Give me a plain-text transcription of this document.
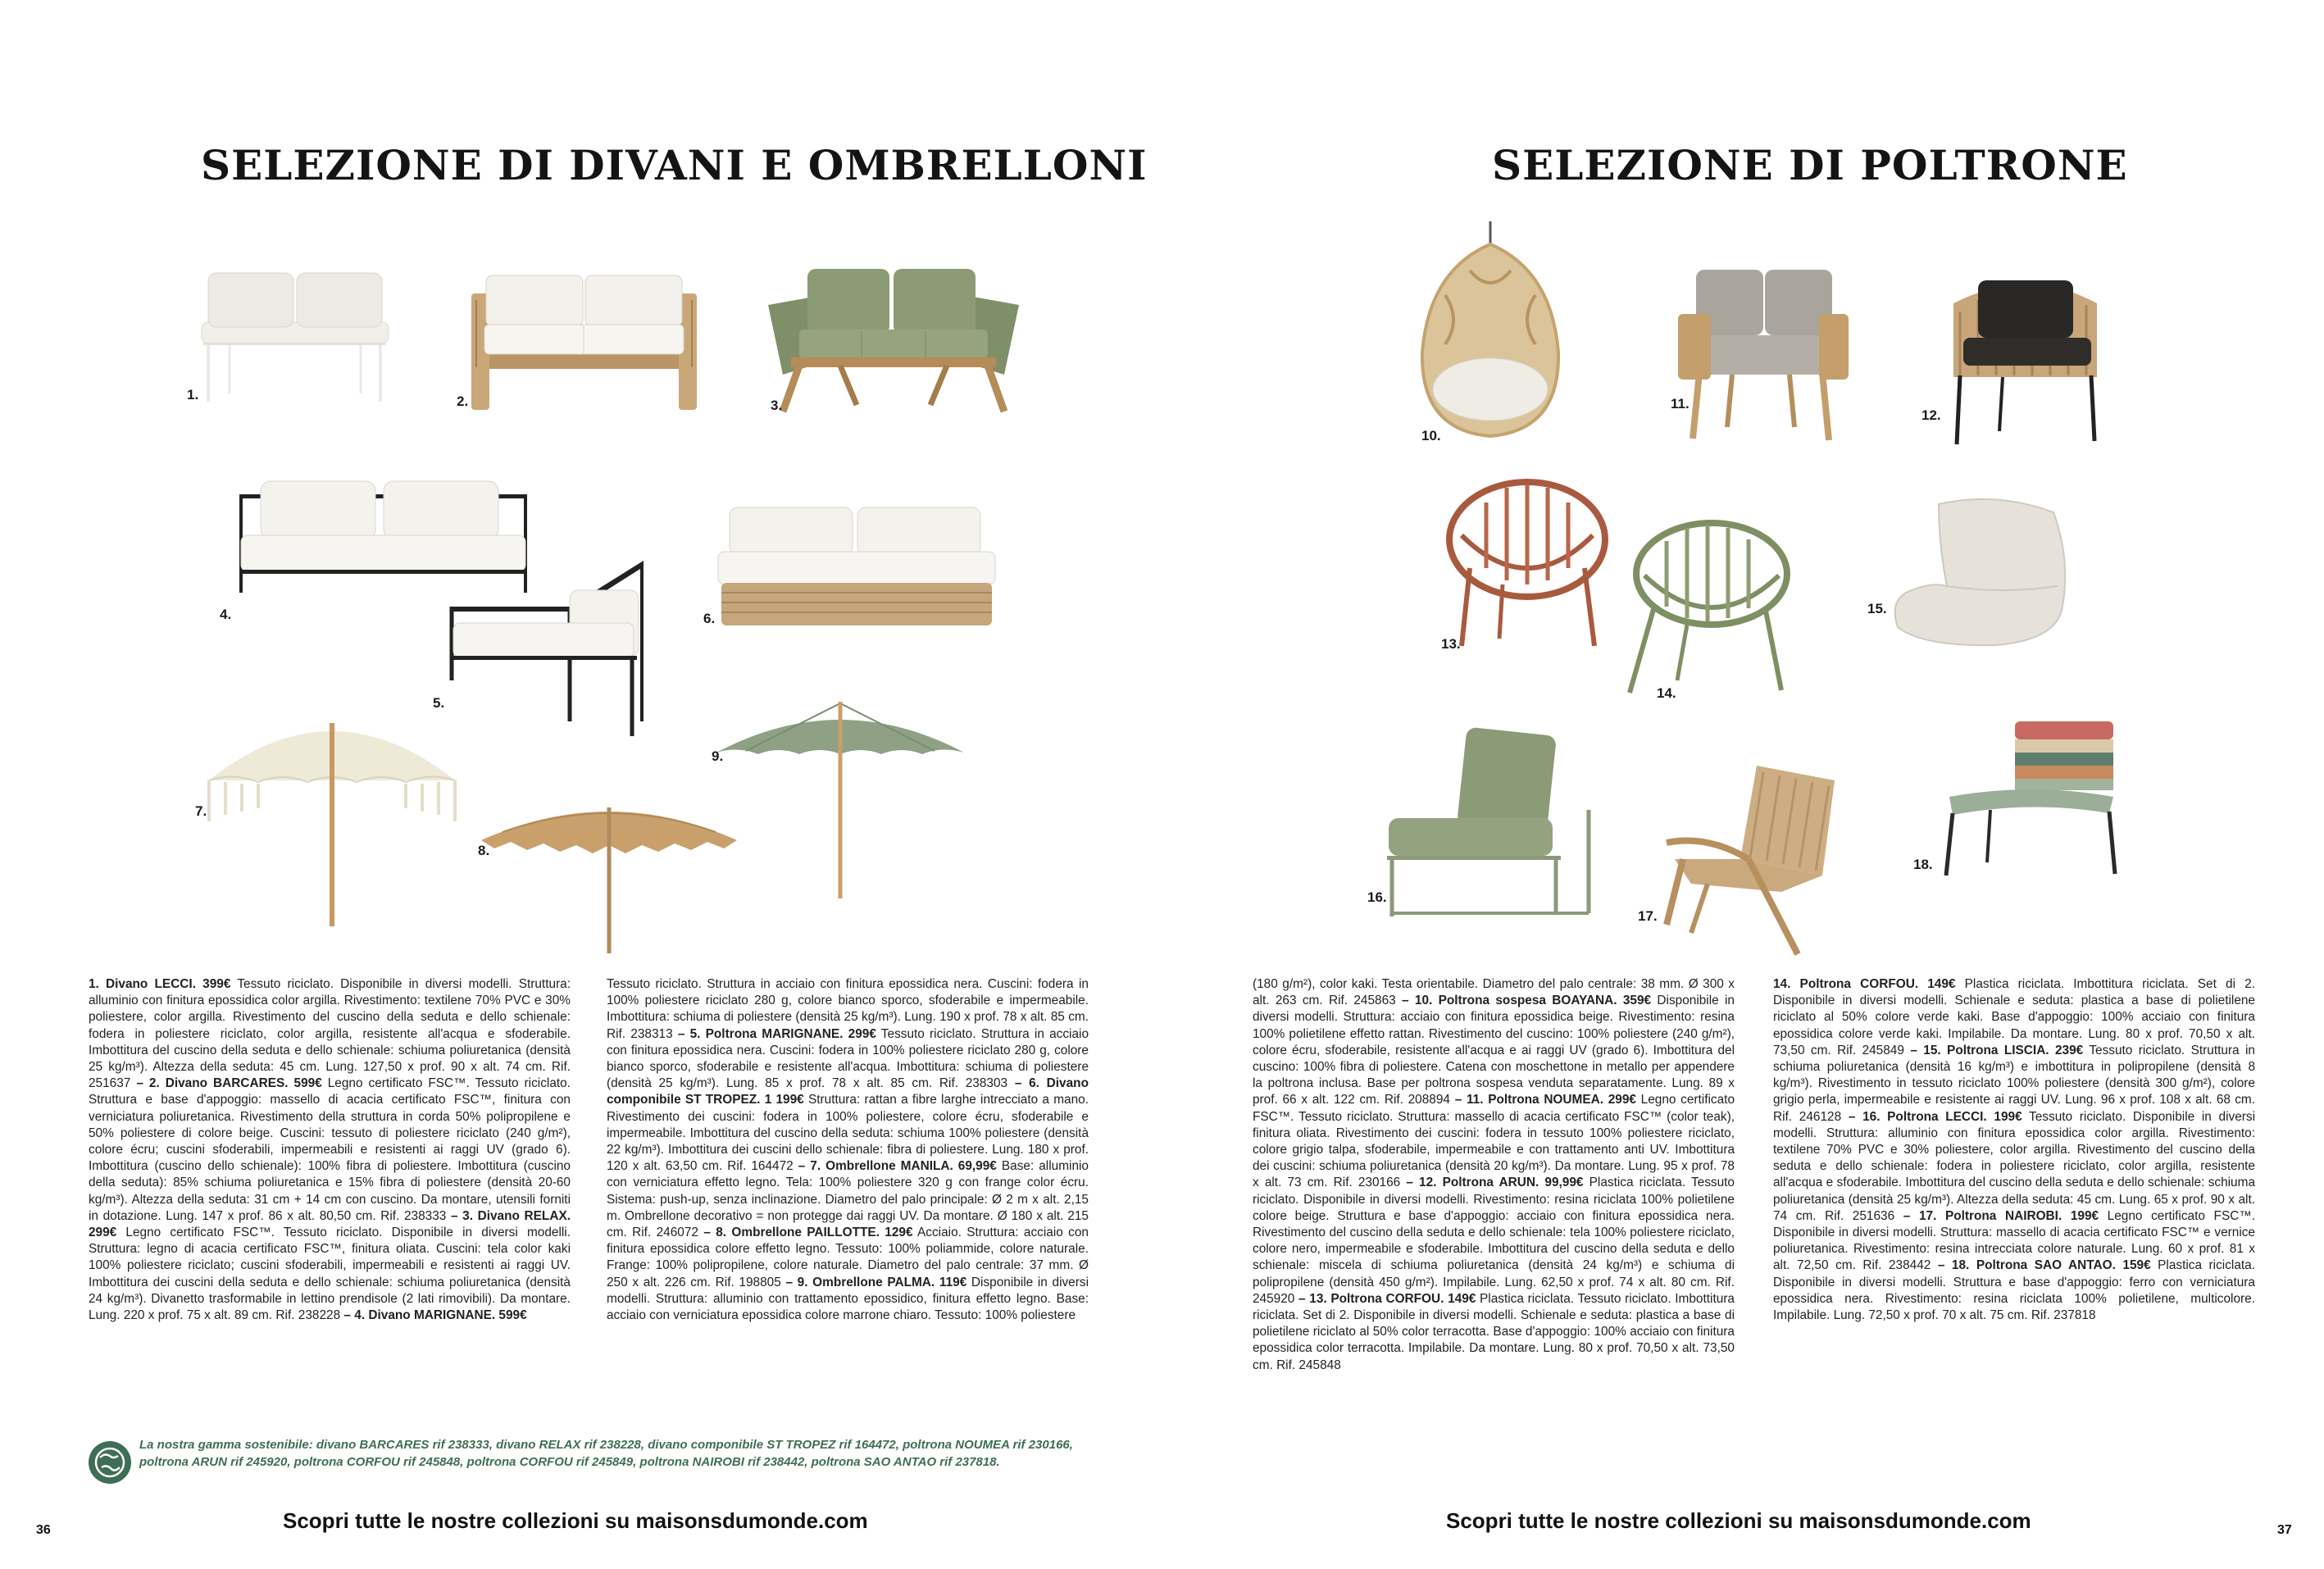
SELEZIONE DI DIVANI E OMBRELLONI
1.	2.	3.
4.
5.
6.
7.
8.
9.
1. Divano LECCI. 399€ Tessuto riciclato. Disponibile in diversi modelli. Struttura: alluminio con finitura epossidica color argilla. Rivestimento: textilene 70% PVC e 30% poliestere, color argilla. Rivestimento del cuscino della seduta e dello schienale: fodera in poliestere riciclato, color argilla, resistente all'acqua e sfoderabile. Imbottitura del cuscino della seduta e dello schienale: schiuma poliuretanica (densità 25 kg/m³). Altezza della seduta: 45 cm. Lung. 127,50 x prof. 90 x alt. 74 cm. Rif. 251637 – 2. Divano BARCARES. 599€ Legno certificato FSC™. Tessuto riciclato. Struttura e base d'appoggio: massello di acacia certificato FSC™, finitura con verniciatura poliuretanica. Rivestimento della struttura in corda 50% polipropilene e 50% poliestere di colore beige. Cuscini: tessuto di poliestere riciclato (240 g/m²), colore écru; cuscini sfoderabili, impermeabili e resistenti ai raggi UV (grado 6). Imbottitura (cuscino dello schienale): 100% fibra di poliestere. Imbottitura (cuscino della seduta): 85% schiuma poliuretanica e 15% fibra di poliestere (densità 20-60 kg/m³). Altezza della seduta: 31 cm + 14 cm con cuscino. Da montare, utensili forniti in dotazione. Lung. 147 x prof. 86 x alt. 80,50 cm. Rif. 238333 – 3. Divano RELAX. 299€ Legno certificato FSC™. Tessuto riciclato. Disponibile in diversi modelli. Struttura: legno di acacia certificato FSC™, finitura oliata. Cuscini: tela color kaki 100% poliestere riciclato; cuscini sfoderabili, impermeabili e resistenti ai raggi UV. Imbottitura dei cuscini della seduta e dello schienale: schiuma poliuretanica (densità 24 kg/m³). Divanetto trasformabile in lettino prendisole (2 lati rimovibili). Da montare. Lung. 220 x prof. 75 x alt. 89 cm. Rif. 238228 – 4. Divano MARIGNANE. 599€
Tessuto riciclato. Struttura in acciaio con finitura epossidica nera. Cuscini: fodera in 100% poliestere riciclato 280 g, colore bianco sporco, sfoderabile e impermeabile. Imbottitura: schiuma di poliestere (densità 25 kg/m³). Lung. 190 x prof. 78 x alt. 85 cm. Rif. 238313 – 5. Poltrona MARIGNANE. 299€ Tessuto riciclato. Struttura in acciaio con finitura epossidica nera. Cuscini: fodera in 100% poliestere riciclato 280 g, colore bianco sporco, sfoderabile e resistente all'acqua. Imbottitura: schiuma di poliestere (densità 25 kg/m³). Lung. 85 x prof. 78 x alt. 85 cm. Rif. 238303 – 6. Divano componibile ST TROPEZ. 1 199€ Struttura: rattan a fibre larghe intrecciato a mano. Rivestimento dei cuscini: fodera in 100% poliestere, colore écru, sfoderabile e impermeabile. Imbottitura del cuscino della seduta: schiuma 100% poliestere (densità 22 kg/m³). Imbottitura dei cuscini dello schienale: fibra di poliestere. Lung. 180 x prof. 120 x alt. 63,50 cm. Rif. 164472 – 7. Ombrellone MANILA. 69,99€ Base: alluminio con verniciatura effetto legno. Tela: 100% poliestere 320 g con frange color écru. Sistema: push-up, senza inclinazione. Diametro del palo principale: Ø 2 m x alt. 2,15 m. Ombrellone decorativo = non protegge dai raggi UV. Da montare. Ø 180 x alt. 215 cm. Rif. 246072 – 8. Ombrellone PAILLOTTE. 129€ Acciaio. Struttura: acciaio con finitura epossidica colore effetto legno. Tessuto: 100% poliammide, colore naturale. Frange: 100% polipropilene, colore naturale. Diametro del palo centrale: 37 mm. Ø 250 x alt. 226 cm. Rif. 198805 – 9. Ombrellone PALMA. 119€ Disponibile in diversi modelli. Struttura: alluminio con trattamento epossidico, finitura effetto legno. Base: acciaio con verniciatura epossidica colore marrone chiaro. Tessuto: 100% poliestere
La nostra gamma sostenibile: divano BARCARES rif 238333, divano RELAX rif 238228, divano componibile ST TROPEZ rif 164472, poltrona NOUMEA rif 230166, poltrona ARUN rif 245920, poltrona CORFOU rif 245848, poltrona CORFOU rif 245849, poltrona NAIROBI rif 238442, poltrona SAO ANTAO rif 237818.
Scopri tutte le nostre collezioni su maisonsdumonde.com
36
SELEZIONE DI POLTRONE
10.
11.
12.
13.
14.
15.
16.
17.
18.
(180 g/m²), color kaki. Testa orientabile. Diametro del palo centrale: 38 mm. Ø 300 x alt. 263 cm. Rif. 245863 – 10. Poltrona sospesa BOAYANA. 359€ Disponibile in diversi modelli. Struttura: acciaio con finitura epossidica beige. Rivestimento: resina 100% polietilene effetto rattan. Rivestimento del cuscino: 100% poliestere (240 g/m²), colore écru, sfoderabile, resistente all'acqua e ai raggi UV (grado 6). Imbottitura del cuscino: 100% fibra di poliestere. Catena con moschettone in metallo per appendere la poltrona inclusa. Base per poltrona sospesa venduta separatamente. Lung. 89 x prof. 66 x alt. 122 cm. Rif. 208894 – 11. Poltrona NOUMEA. 299€ Legno certificato FSC™. Tessuto riciclato. Struttura: massello di acacia certificato FSC™ (color teak), finitura oliata. Rivestimento dei cuscini: fodera in tessuto 100% poliestere riciclato, colore grigio talpa, sfoderabile, impermeabile e con trattamento anti UV. Imbottitura dei cuscini: schiuma poliuretanica (densità 20 kg/m³). Da montare. Lung. 95 x prof. 78 x alt. 73 cm. Rif. 230166 – 12. Poltrona ARUN. 99,99€ Plastica riciclata. Tessuto riciclato. Disponibile in diversi modelli. Rivestimento: resina riciclata 100% polietilene colore beige. Struttura e base d'appoggio: acciaio con finitura epossidica nera. Rivestimento del cuscino della seduta e dello schienale: tela 100% poliestere riciclato, colore nero, impermeabile e sfoderabile. Imbottitura del cuscino della seduta e dello schienale: miscela di schiuma poliuretanica (densità 24 kg/m³) e schiuma di polipropilene (densità 450 g/m²). Impilabile. Lung. 62,50 x prof. 74 x alt. 80 cm. Rif. 245920 – 13. Poltrona CORFOU. 149€ Plastica riciclata. Tessuto riciclato. Imbottitura riciclata. Set di 2. Disponibile in diversi modelli. Schienale e seduta: plastica a base di polietilene riciclato al 50% color terracotta. Base d'appoggio: 100% acciaio con finitura epossidica color terracotta. Impilabile. Da montare. Lung. 80 x prof. 70,50 x alt. 73,50 cm. Rif. 245848
14. Poltrona CORFOU. 149€ Plastica riciclata. Imbottitura riciclata. Set di 2. Disponibile in diversi modelli. Schienale e seduta: plastica a base di polietilene riciclato al 50% colore verde kaki. Base d'appoggio: 100% acciaio con finitura epossidica colore verde kaki. Impilabile. Da montare. Lung. 80 x prof. 70,50 x alt. 73,50 cm. Rif. 245849 – 15. Poltrona LISCIA. 239€ Tessuto riciclato. Struttura in schiuma poliuretanica (densità 16 kg/m³) e imbottitura in polipropilene (densità 8 kg/m³). Rivestimento in tessuto riciclato 100% poliestere (densità 300 g/m²), colore grigio perla, impermeabile e resistente ai raggi UV. Lung. 96 x prof. 108 x alt. 68 cm. Rif. 246128 – 16. Poltrona LECCI. 199€ Tessuto riciclato. Disponibile in diversi modelli. Struttura: alluminio con finitura epossidica color argilla. Rivestimento: textilene 70% PVC e 30% poliestere, color argilla. Rivestimento del cuscino della seduta e dello schienale: fodera in poliestere riciclato, color argilla, resistente all'acqua e sfoderabile. Imbottitura del cuscino della seduta e dello schienale: schiuma poliuretanica (densità 25 kg/m³). Altezza della seduta: 45 cm. Lung. 65 x prof. 90 x alt. 74 cm. Rif. 251636 – 17. Poltrona NAIROBI. 199€ Legno certificato FSC™. Disponibile in diversi modelli. Struttura: massello di acacia certificato FSC™ e vernice poliuretanica. Rivestimento: resina intrecciata colore naturale. Lung. 60 x prof. 81 x alt. 72,50 cm. Rif. 238442 – 18. Poltrona SAO ANTAO. 159€ Plastica riciclata. Disponibile in diversi modelli. Struttura e base d'appoggio: ferro con verniciatura epossidica nera. Rivestimento: resina riciclata 100% polietilene, multicolore. Impilabile. Lung. 72,50 x prof. 70 x alt. 75 cm. Rif. 237818
Scopri tutte le nostre collezioni su maisonsdumonde.com	37
